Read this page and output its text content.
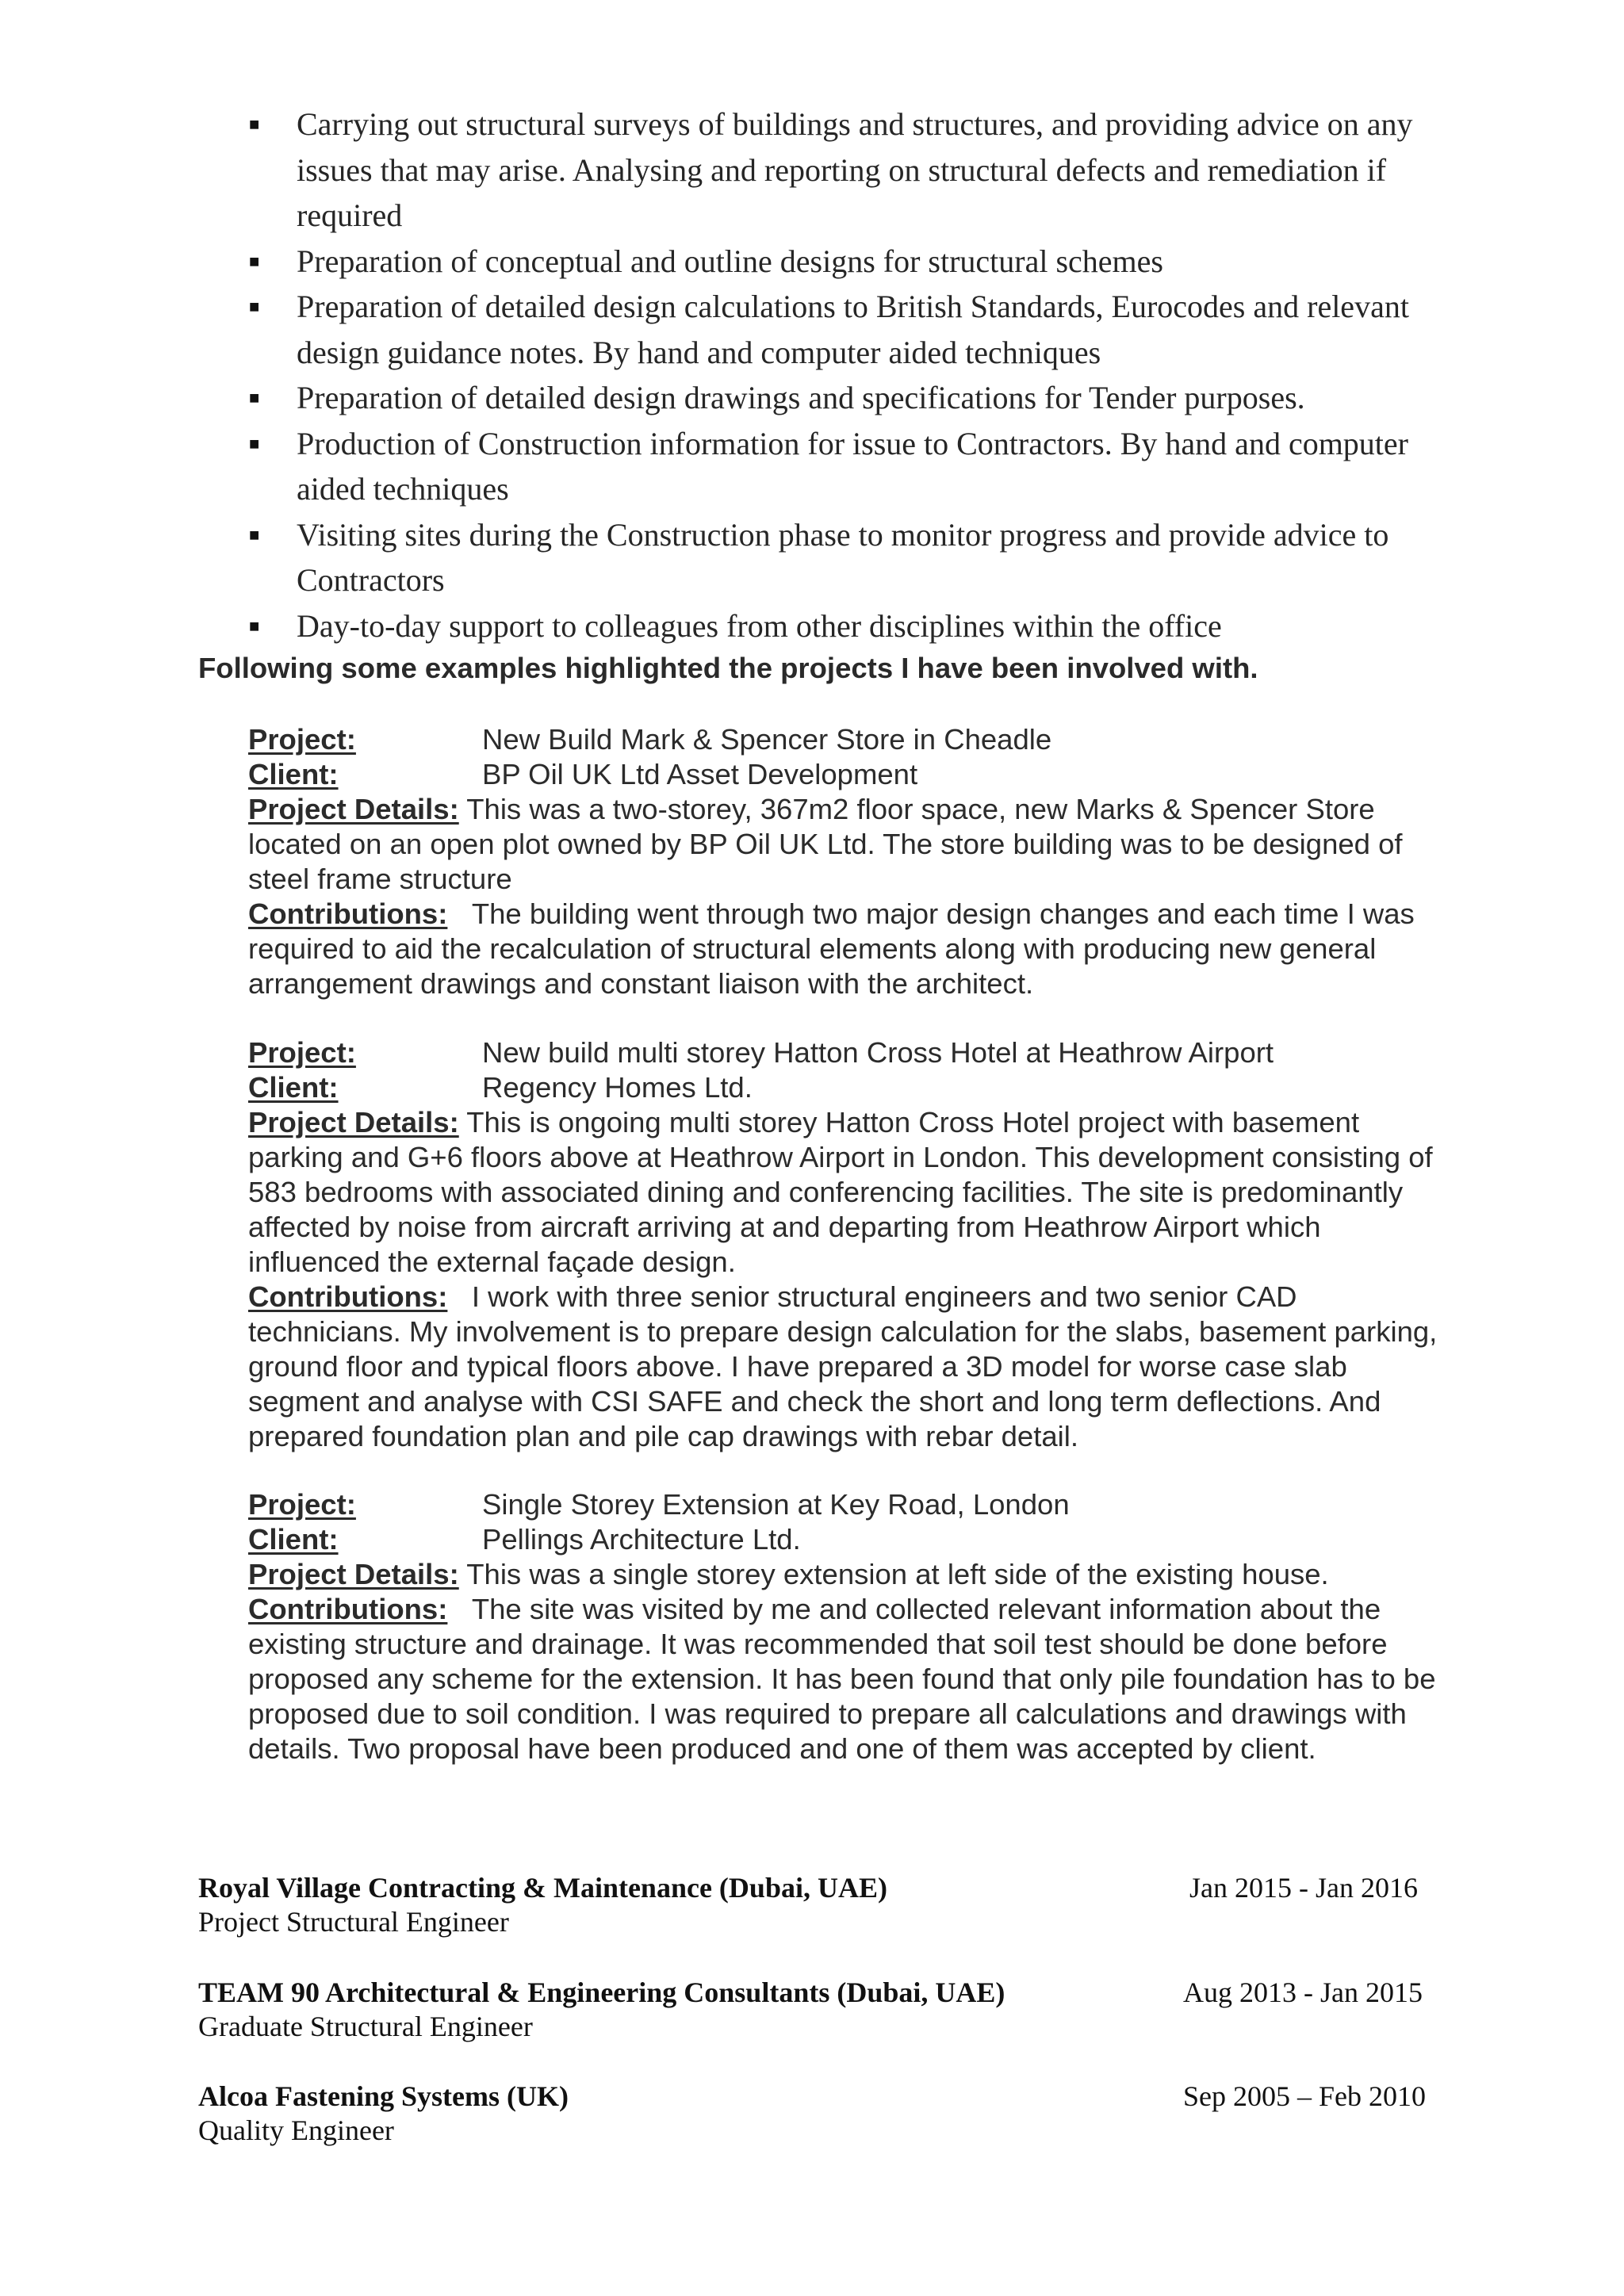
■ Carrying out structural surveys of buildings and structures, and providing advice on any issues that may arise. Analysing and reporting on structural defects and remediation if required
■ Preparation of conceptual and outline designs for structural schemes
■ Preparation of detailed design calculations to British Standards, Eurocodes and relevant design guidance notes. By hand and computer aided techniques
■ Preparation of detailed design drawings and specifications for Tender purposes.
■ Production of Construction information for issue to Contractors. By hand and computer aided techniques
■ Visiting sites during the Construction phase to monitor progress and provide advice to Contractors
■ Day-to-day support to colleagues from other disciplines within the office
Following some examples highlighted the projects I have been involved with.
Project:	New Build Mark & Spencer Store in Cheadle
Client:	BP Oil UK Ltd Asset Development
Project Details: This was a two-storey, 367m2 floor space, new Marks & Spencer Store located on an open plot owned by BP Oil UK Ltd. The store building was to be designed of steel frame structure
Contributions: The building went through two major design changes and each time I was required to aid the recalculation of structural elements along with producing new general arrangement drawings and constant liaison with the architect.
Project:	New build multi storey Hatton Cross Hotel at Heathrow Airport
Client:	Regency Homes Ltd.
Project Details: This is ongoing multi storey Hatton Cross Hotel project with basement parking and G+6 floors above at Heathrow Airport in London. This development consisting of 583 bedrooms with associated dining and conferencing facilities. The site is predominantly affected by noise from aircraft arriving at and departing from Heathrow Airport which influenced the external façade design.
Contributions: I work with three senior structural engineers and two senior CAD technicians. My involvement is to prepare design calculation for the slabs, basement parking, ground floor and typical floors above. I have prepared a 3D model for worse case slab segment and analyse with CSI SAFE and check the short and long term deflections. And prepared foundation plan and pile cap drawings with rebar detail.
Project:	Single Storey Extension at Key Road, London
Client:	Pellings Architecture Ltd.
Project Details: This was a single storey extension at left side of the existing house.
Contributions: The site was visited by me and collected relevant information about the existing structure and drainage. It was recommended that soil test should be done before proposed any scheme for the extension. It has been found that only pile foundation has to be proposed due to soil condition. I was required to prepare all calculations and drawings with details. Two proposal have been produced and one of them was accepted by client.
Royal Village Contracting & Maintenance (Dubai, UAE)	Jan 2015 - Jan 2016
Project Structural Engineer
TEAM 90 Architectural & Engineering Consultants (Dubai, UAE)	Aug 2013 - Jan 2015
Graduate Structural Engineer
Alcoa Fastening Systems (UK)	Sep 2005 – Feb 2010
Quality Engineer
